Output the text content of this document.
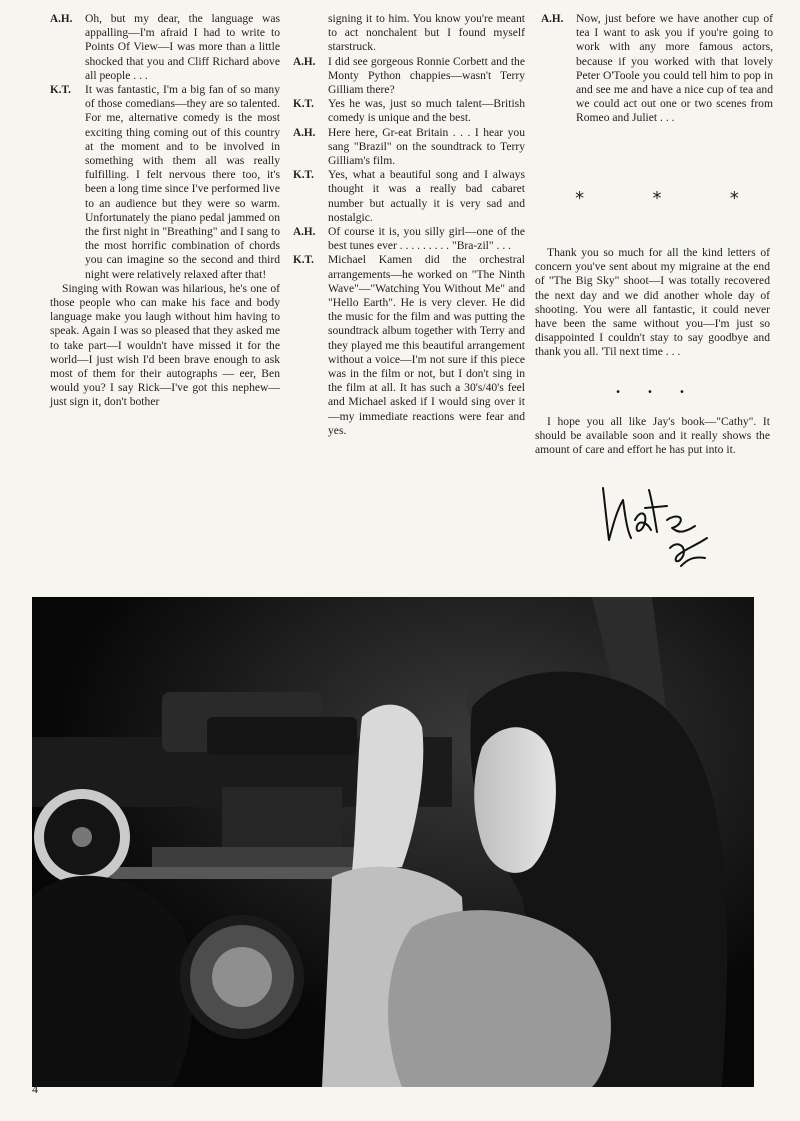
A.H.	Oh, but my dear, the language was appalling—I'm afraid I had to write to Points Of View—I was more than a little shocked that you and Cliff Richard above all people . . .
K.T.	It was fantastic, I'm a big fan of so many of those comedians—they are so talented. For me, alternative comedy is the most exciting thing coming out of this country at the moment and to be involved in something with them all was really fulfilling. I felt nervous there too, it's been a long time since I've performed live to an audience but they were so warm. Unfortunately the piano pedal jammed on the first night in "Breathing" and I sang to the most horrific combination of chords you can imagine so the second and third night were relatively relaxed after that!

Singing with Rowan was hilarious, he's one of those people who can make his face and body language make you laugh without him having to speak. Again I was so pleased that they asked me to take part—I wouldn't have missed it for the world—I just wish I'd been brave enough to ask most of them for their autographs — eer, Ben would you? I say Rick—I've got this nephew—just sign it, don't bother

signing it to him. You know you're meant to act nonchalent but I found myself starstruck.

A.H.	I did see gorgeous Ronnie Corbett and the Monty Python chappies—wasn't Terry Gilliam there?
K.T.	Yes he was, just so much talent—British comedy is unique and the best.
A.H.	Here here, Gr-eat Britain . . . I hear you sang "Brazil" on the soundtrack to Terry Gilliam's film.
K.T.	Yes, what a beautiful song and I always thought it was a really bad cabaret number but actually it is very sad and nostalgic.
A.H.	Of course it is, you silly girl—one of the best tunes ever . . . . . . . . . "Bra-zil" . . .
K.T.	Michael Kamen did the orchestral arrangements—he worked on "The Ninth Wave"—"Watching You Without Me" and "Hello Earth". He is very clever. He did the music for the film and was putting the soundtrack album together with Terry and they played me this beautiful arrangement without a voice—I'm not sure if this piece was in the film or not, but I don't sing in the film at all. It has such a 30's/40's feel and Michael asked if I would sing over it—my immediate reactions were fear and yes.
A.H.	Now, just before we have another cup of tea I want to ask you if you're going to work with any more famous actors, because if you worked with that lovely Peter O'Toole you could tell him to pop in and see me and have a nice cup of tea and we could act out one or two scenes from Romeo and Juliet . . .
*	*	*

Thank you so much for all the kind letters of concern you've sent about my migraine at the end of "The Big Sky" shoot—I was totally recovered the next day and we did another whole day of shooting. You were all fantastic, it could never have been the same without you—I'm just so disappointed I couldn't stay to say goodbye and thank you all. 'Til next time . . .

•	•	•

I hope you all like Jay's book—"Cathy". It should be available soon and it really shows the amount of care and effort he has put into it.

4
